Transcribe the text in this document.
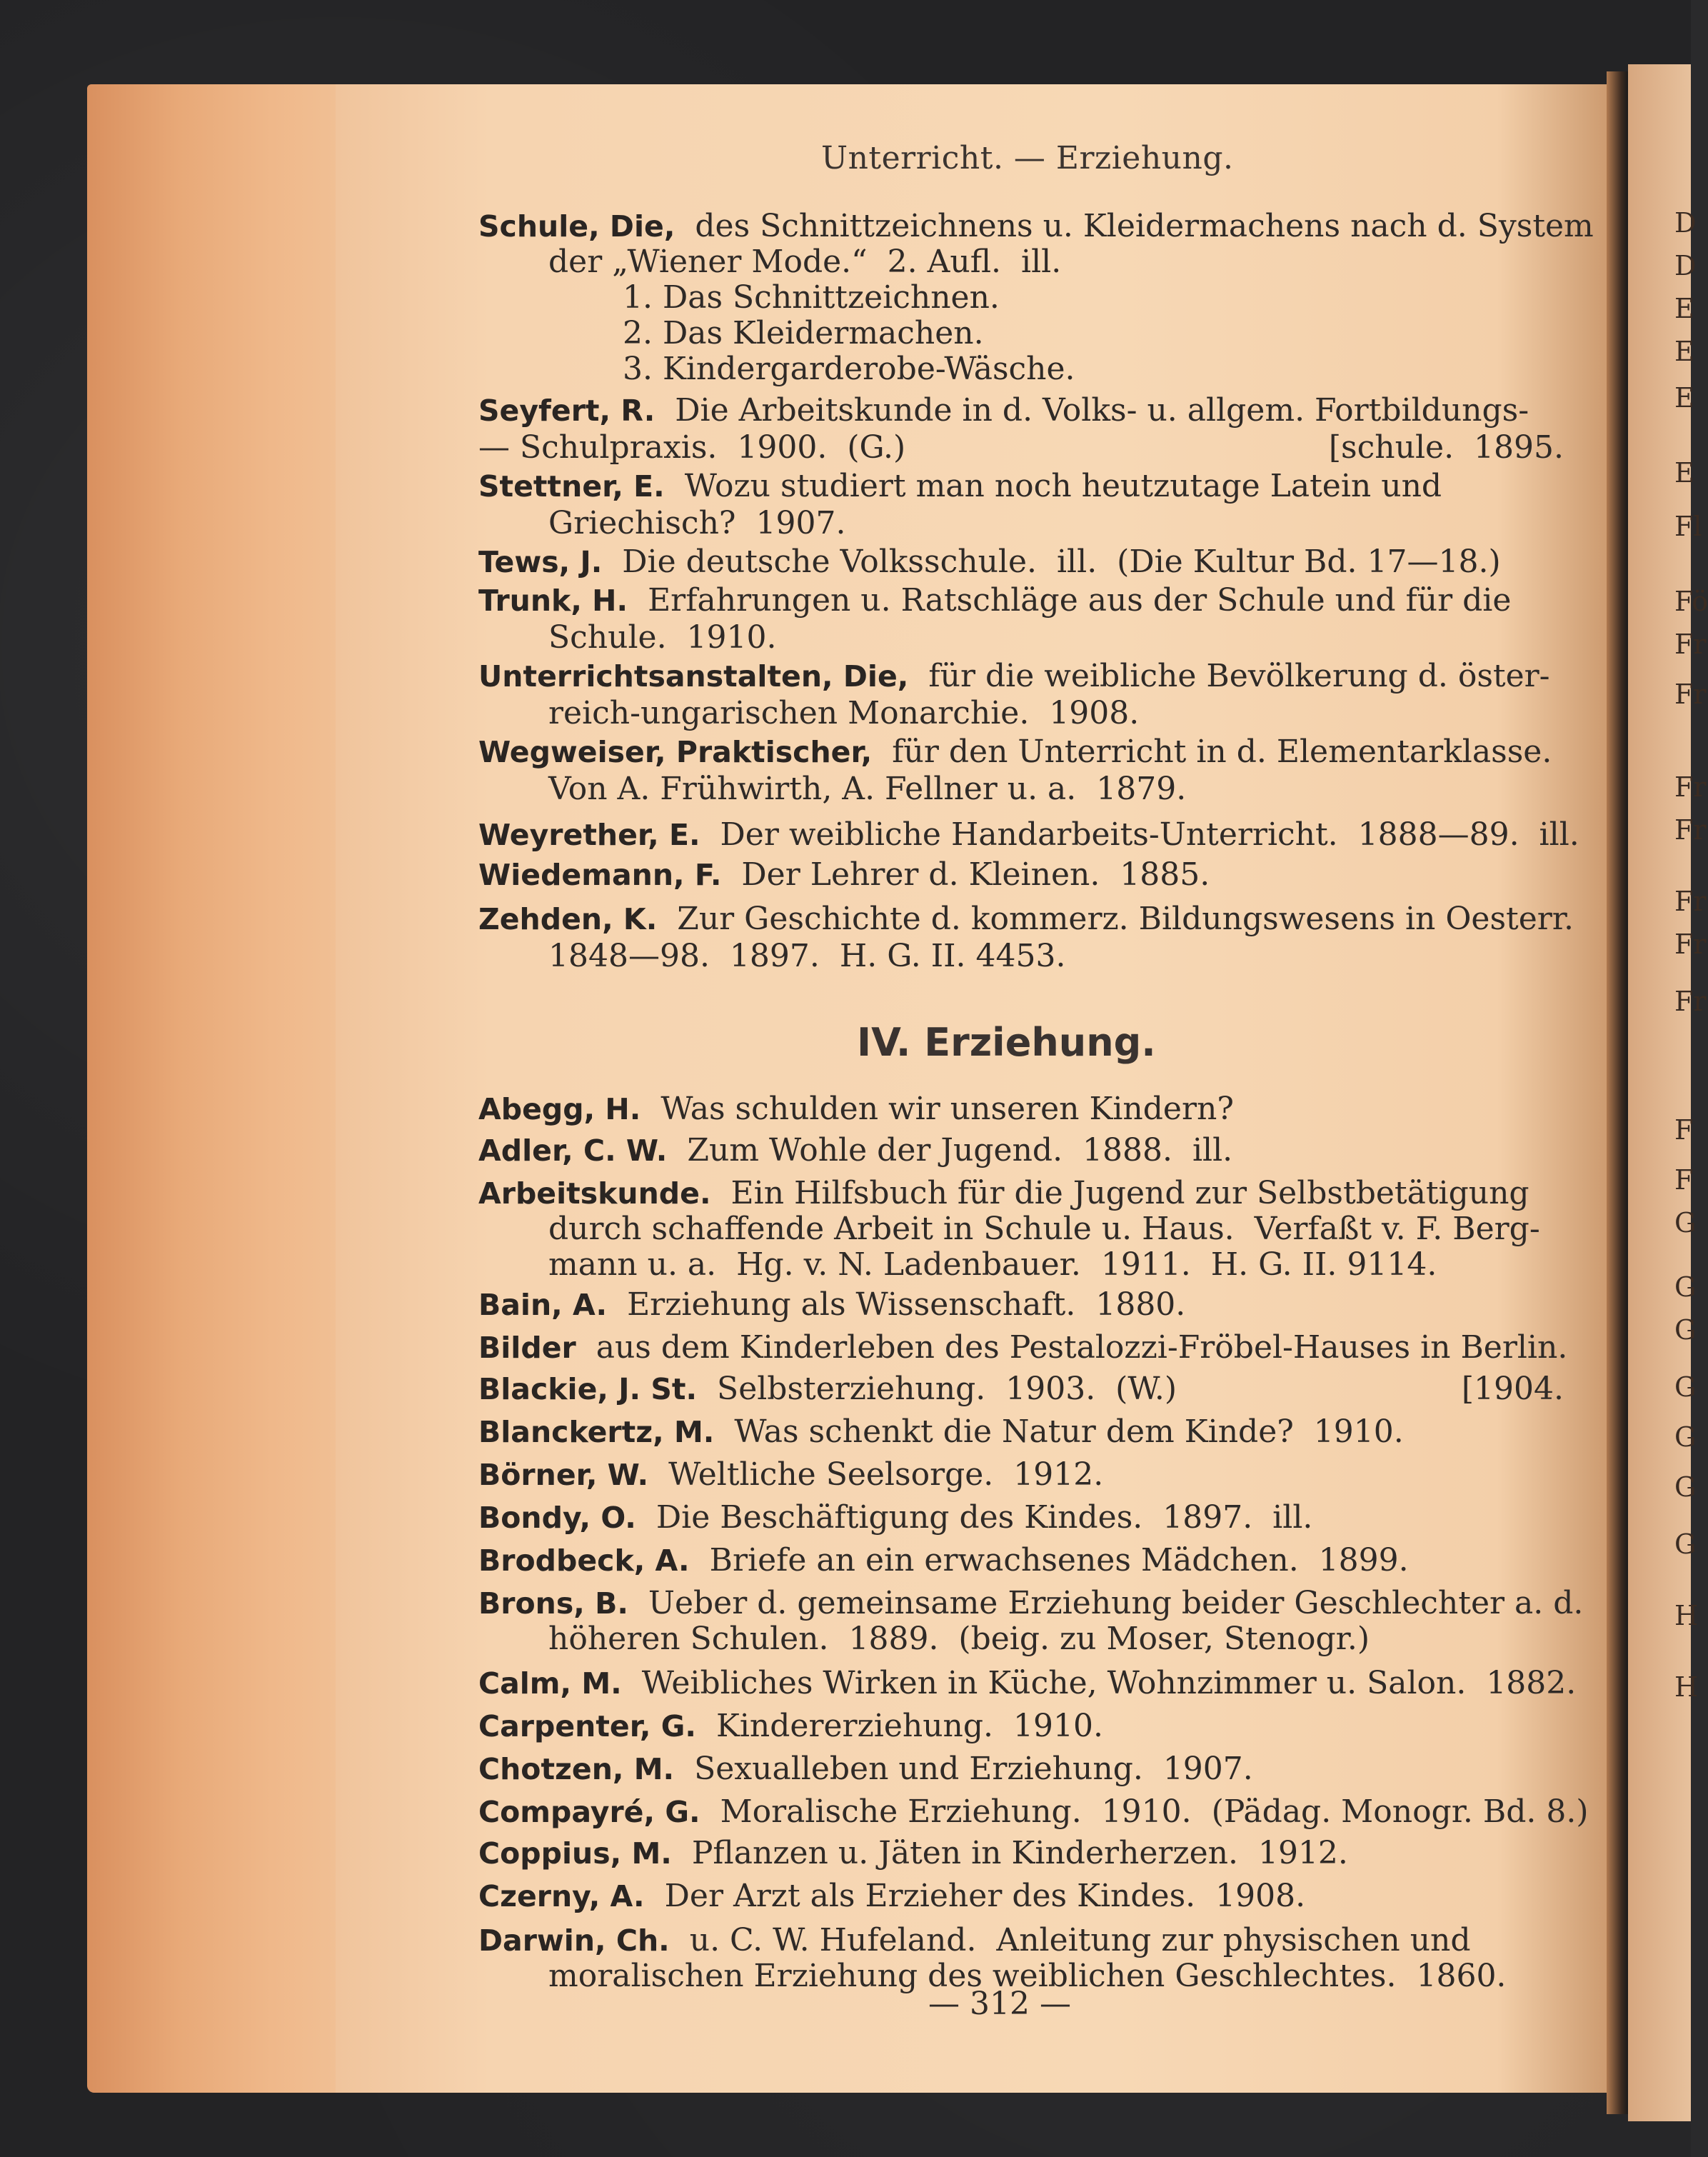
D
D
E
E
E
E
Fl
Fö
Fr
Fr
Fr
Fr
Fr
Fr
Fr
F
F
G
G
G
G
G
G
G
H
H
Unterricht. — Erziehung.
Schule, Die, des Schnittzeichnens u. Kleidermachens nach d. System
der „Wiener Mode.“  2. Aufl.  ill.
1. Das Schnittzeichnen.
2. Das Kleidermachen.
3. Kindergarderobe-Wäsche.
Seyfert, R. Die Arbeitskunde in d. Volks- u. allgem. Fortbildungs-
— Schulpraxis.  1900.  (G.)	[schule.  1895.
Stettner, E. Wozu studiert man noch heutzutage Latein und
Griechisch?  1907.
Tews, J. Die deutsche Volksschule.  ill.  (Die Kultur Bd. 17—18.)
Trunk, H. Erfahrungen u. Ratschläge aus der Schule und für die
Schule.  1910.
Unterrichtsanstalten, Die, für die weibliche Bevölkerung d. öster-
reich-ungarischen Monarchie.  1908.
Wegweiser, Praktischer, für den Unterricht in d. Elementarklasse.
Von A. Frühwirth, A. Fellner u. a.  1879.
Weyrether, E. Der weibliche Handarbeits-Unterricht.  1888—89.  ill.
Wiedemann, F. Der Lehrer d. Kleinen.  1885.
Zehden, K. Zur Geschichte d. kommerz. Bildungswesens in Oesterr.
1848—98.  1897.  H. G. II. 4453.
IV. Erziehung.
Abegg, H. Was schulden wir unseren Kindern?
Adler, C. W. Zum Wohle der Jugend.  1888.  ill.
Arbeitskunde. Ein Hilfsbuch für die Jugend zur Selbstbetätigung
durch schaffende Arbeit in Schule u. Haus.  Verfaßt v. F. Berg-
mann u. a.  Hg. v. N. Ladenbauer.  1911.  H. G. II. 9114.
Bain, A. Erziehung als Wissenschaft.  1880.
Bilder aus dem Kinderleben des Pestalozzi-Fröbel-Hauses in Berlin.
Blackie, J. St. Selbsterziehung.  1903.  (W.)	[1904.
Blanckertz, M. Was schenkt die Natur dem Kinde?  1910.
Börner, W. Weltliche Seelsorge.  1912.
Bondy, O. Die Beschäftigung des Kindes.  1897.  ill.
Brodbeck, A. Briefe an ein erwachsenes Mädchen.  1899.
Brons, B. Ueber d. gemeinsame Erziehung beider Geschlechter a. d.
höheren Schulen.  1889.  (beig. zu Moser, Stenogr.)
Calm, M. Weibliches Wirken in Küche, Wohnzimmer u. Salon.  1882.
Carpenter, G. Kindererziehung.  1910.
Chotzen, M. Sexualleben und Erziehung.  1907.
Compayré, G. Moralische Erziehung.  1910.  (Pädag. Monogr. Bd. 8.)
Coppius, M. Pflanzen u. Jäten in Kinderherzen.  1912.
Czerny, A. Der Arzt als Erzieher des Kindes.  1908.
Darwin, Ch. u. C. W. Hufeland.  Anleitung zur physischen und
moralischen Erziehung des weiblichen Geschlechtes.  1860.
— 312 —
